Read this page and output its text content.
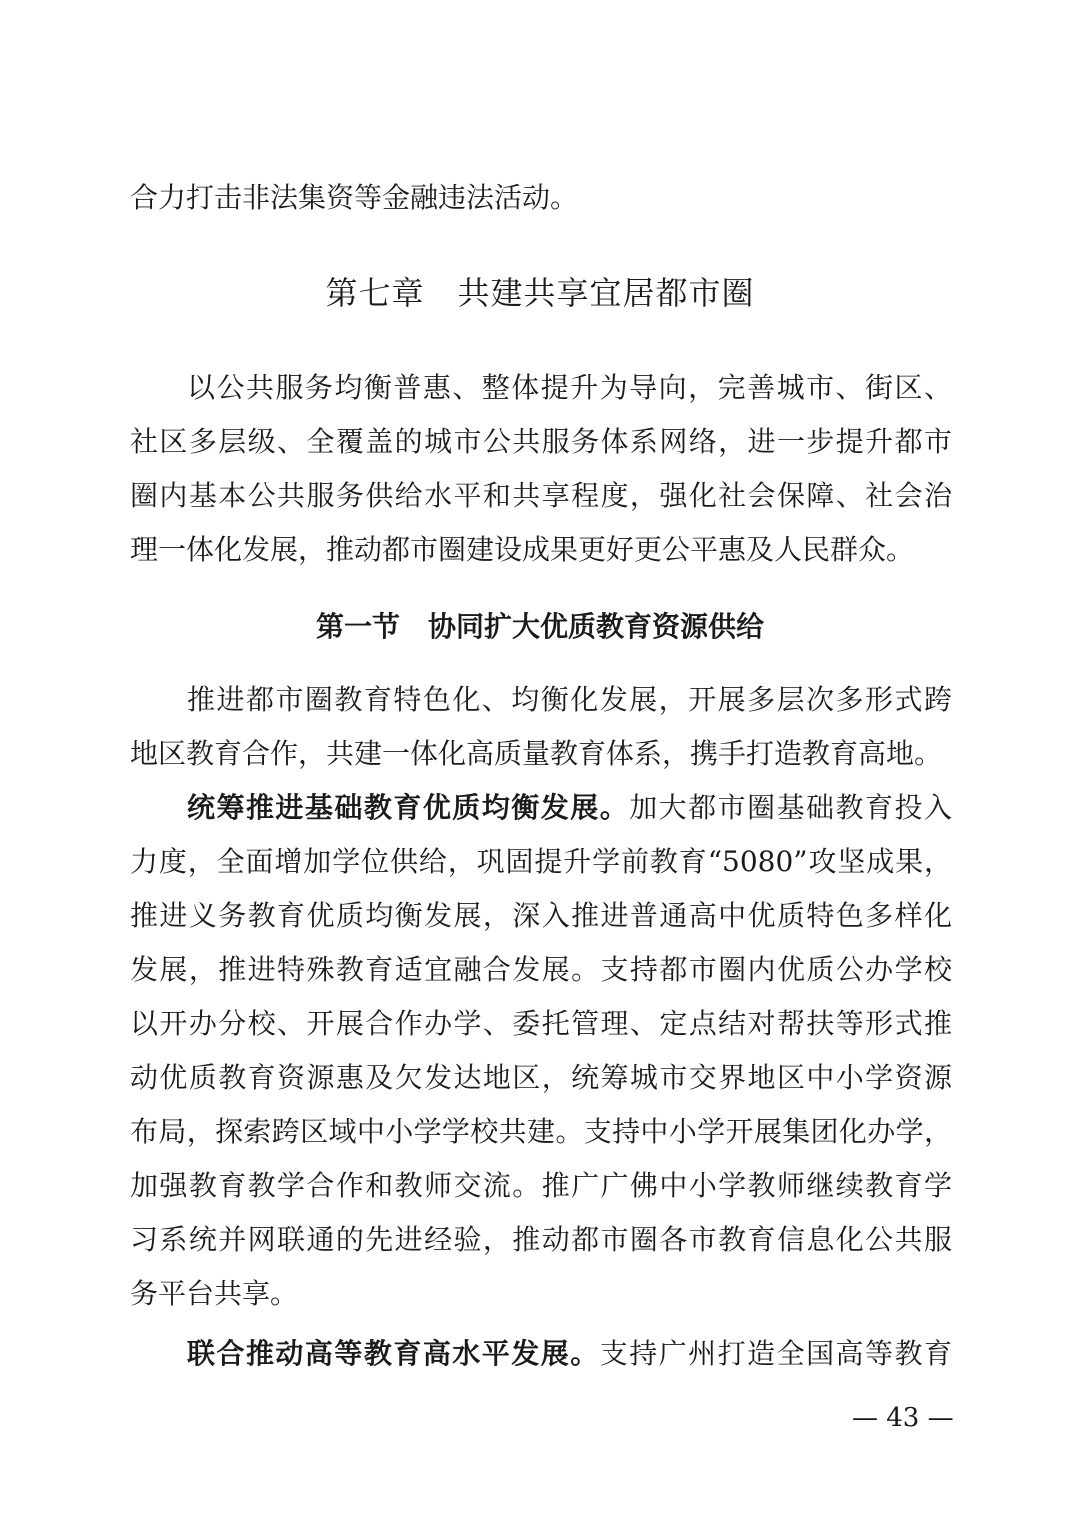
合力打击非法集资等金融违法活动。
第七章　共建共享宜居都市圈
以公共服务均衡普惠、整体提升为导向，完善城市、街区、
社区多层级、全覆盖的城市公共服务体系网络，进一步提升都市
圈内基本公共服务供给水平和共享程度，强化社会保障、社会治
理一体化发展，推动都市圈建设成果更好更公平惠及人民群众。
第一节　协同扩大优质教育资源供给
推进都市圈教育特色化、均衡化发展，开展多层次多形式跨
地区教育合作，共建一体化高质量教育体系，携手打造教育高地。
统筹推进基础教育优质均衡发展。加大都市圈基础教育投入
力度，全面增加学位供给，巩固提升学前教育“5080”攻坚成果，
推进义务教育优质均衡发展，深入推进普通高中优质特色多样化
发展，推进特殊教育适宜融合发展。支持都市圈内优质公办学校
以开办分校、开展合作办学、委托管理、定点结对帮扶等形式推
动优质教育资源惠及欠发达地区，统筹城市交界地区中小学资源
布局，探索跨区域中小学学校共建。支持中小学开展集团化办学，
加强教育教学合作和教师交流。推广广佛中小学教师继续教育学
习系统并网联通的先进经验，推动都市圈各市教育信息化公共服
务平台共享。
联合推动高等教育高水平发展。支持广州打造全国高等教育
— 43 —
